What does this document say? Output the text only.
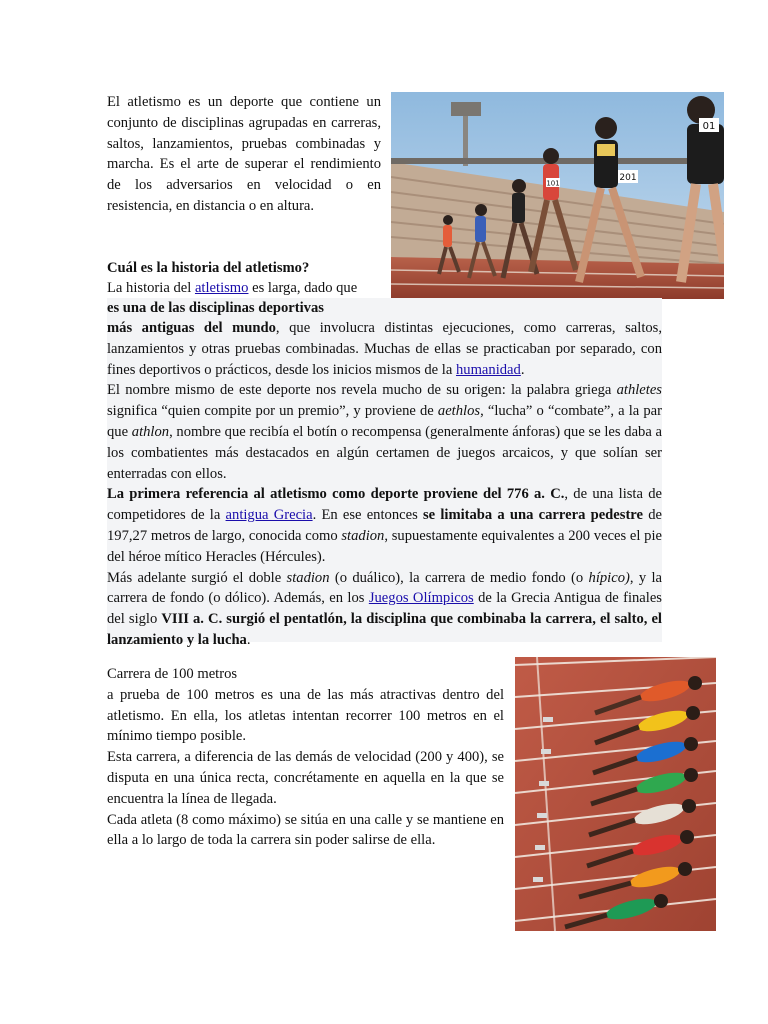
El atletismo es un deporte que contiene un conjunto de disciplinas agrupadas en carreras, saltos, lanzamientos, pruebas combinadas y marcha. Es el arte de superar el rendimiento de los adversarios en velocidad o en resistencia, en distancia o en altura.

201
01
101
Cuál es la historia del atletismo?

La historia del atletismo es larga, dado que

es una de las disciplinas deportivas

más antiguas del mundo, que involucra distintas ejecuciones, como carreras, saltos, lanzamientos y otras pruebas combinadas. Muchas de ellas se practicaban por separado, con fines deportivos o prácticos, desde los inicios mismos de la humanidad.

El nombre mismo de este deporte nos revela mucho de su origen: la palabra griega athletes significa “quien compite por un premio”, y proviene de aethlos, “lucha” o “combate”, a la par que athlon, nombre que recibía el botín o recompensa (generalmente ánforas) que se les daba a los combatientes más destacados en algún certamen de juegos arcaicos, y que solían ser enterradas con ellos.

La primera referencia al atletismo como deporte proviene del 776 a. C., de una lista de competidores de la antigua Grecia. En ese entonces se limitaba a una carrera pedestre de 197,27 metros de largo, conocida como stadion, supuestamente equivalentes a 200 veces el pie del héroe mítico Heracles (Hércules).

Más adelante surgió el doble stadion (o duálico), la carrera de medio fondo (o hípico), y la carrera de fondo (o dólico). Además, en los Juegos Olímpicos de la Grecia Antigua de finales del siglo VIII a. C. surgió el pentatlón, la disciplina que combinaba la carrera, el salto, el lanzamiento y la lucha.

Carrera de 100 metros

a prueba de 100 metros es una de las más atractivas dentro del atletismo. En ella, los atletas intentan recorrer 100 metros en el mínimo tiempo posible.

Esta carrera, a diferencia de las demás de velocidad (200 y 400), se disputa en una única recta, concrétamente en aquella en la que se encuentra la línea de llegada.

Cada atleta (8 como máximo) se sitúa en una calle y se mantiene en ella a lo largo de toda la carrera sin poder salirse de ella.
